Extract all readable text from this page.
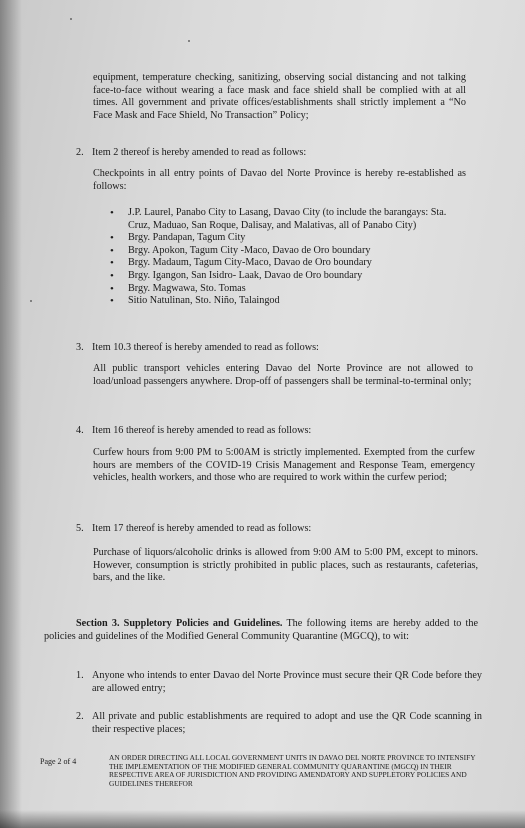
equipment, temperature checking, sanitizing, observing social distancing and not talking face-to-face without wearing a face mask and face shield shall be complied with at all times. All government and private offices/establishments shall strictly implement a “No Face Mask and Face Shield, No Transaction” Policy;
2. Item 2 thereof is hereby amended to read as follows:
Checkpoints in all entry points of Davao del Norte Province is hereby re-established as follows:
• J.P. Laurel, Panabo City to Lasang, Davao City (to include the barangays: Sta. Cruz, Maduao, San Roque, Dalisay, and Malativas, all of Panabo City)
• Brgy. Pandapan, Tagum City
• Brgy. Apokon, Tagum City -Maco, Davao de Oro boundary
• Brgy. Madaum, Tagum City-Maco, Davao de Oro boundary
• Brgy. Igangon, San Isidro- Laak, Davao de Oro boundary
• Brgy. Magwawa, Sto. Tomas
• Sitio Natulinan, Sto. Niño, Talaingod
3. Item 10.3 thereof is hereby amended to read as follows:
All public transport vehicles entering Davao del Norte Province are not allowed to load/unload passengers anywhere. Drop-off of passengers shall be terminal-to-terminal only;
4. Item 16 thereof is hereby amended to read as follows:
Curfew hours from 9:00 PM to 5:00AM is strictly implemented. Exempted from the curfew hours are members of the COVID-19 Crisis Management and Response Team, emergency vehicles, health workers, and those who are required to work within the curfew period;
5. Item 17 thereof is hereby amended to read as follows:
Purchase of liquors/alcoholic drinks is allowed from 9:00 AM to 5:00 PM, except to minors. However, consumption is strictly prohibited in public places, such as restaurants, cafeterias, bars, and the like.
Section 3. Suppletory Policies and Guidelines. The following items are hereby added to the policies and guidelines of the Modified General Community Quarantine (MGCQ), to wit:
1. Anyone who intends to enter Davao del Norte Province must secure their QR Code before they are allowed entry;
2. All private and public establishments are required to adopt and use the QR Code scanning in their respective places;
Page 2 of 4	AN ORDER DIRECTING ALL LOCAL GOVERNMENT UNITS IN DAVAO DEL NORTE PROVINCE TO INTENSIFY THE IMPLEMENTATION OF THE MODIFIED GENERAL COMMUNITY QUARANTINE (MGCQ) IN THEIR RESPECTIVE AREA OF JURISDICTION AND PROVIDING AMENDATORY AND SUPPLETORY POLICIES AND GUIDELINES THEREFOR
